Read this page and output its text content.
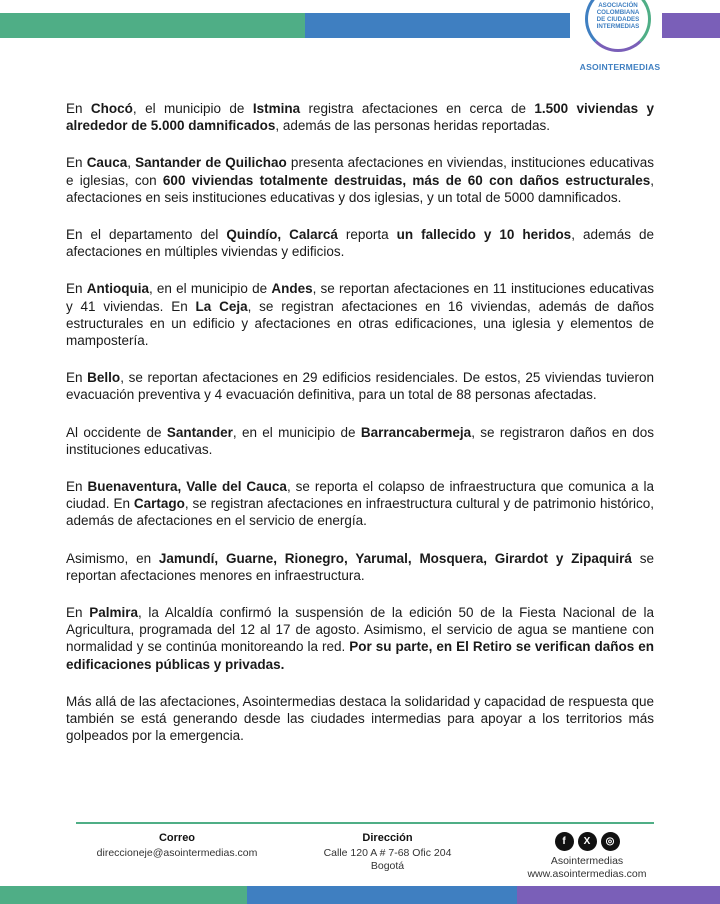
ASOCIACIÓN
COLOMBIANA
DE CIUDADES
INTERMEDIAS
ASOINTERMEDIAS

En Chocó, el municipio de Istmina registra afectaciones en cerca de 1.500 viviendas y alrededor de 5.000 damnificados, además de las personas heridas reportadas.

En Cauca, Santander de Quilichao presenta afectaciones en viviendas, instituciones educativas e iglesias, con 600 viviendas totalmente destruidas, más de 60 con daños estructurales, afectaciones en seis instituciones educativas y dos iglesias, y un total de 5000 damnificados.

En el departamento del Quindío, Calarcá reporta un fallecido y 10 heridos, además de afectaciones en múltiples viviendas y edificios.

En Antioquia, en el municipio de Andes, se reportan afectaciones en 11 instituciones educativas y 41 viviendas. En La Ceja, se registran afectaciones en 16 viviendas, además de daños estructurales en un edificio y afectaciones en otras edificaciones, una iglesia y elementos de mampostería.

En Bello, se reportan afectaciones en 29 edificios residenciales. De estos, 25 viviendas tuvieron evacuación preventiva y 4 evacuación definitiva, para un total de 88 personas afectadas.

Al occidente de Santander, en el municipio de Barrancabermeja, se registraron daños en dos instituciones educativas.

En Buenaventura, Valle del Cauca, se reporta el colapso de infraestructura que comunica a la ciudad. En Cartago, se registran afectaciones en infraestructura cultural y de patrimonio histórico, además de afectaciones en el servicio de energía.

Asimismo, en Jamundí, Guarne, Rionegro, Yarumal, Mosquera, Girardot y Zipaquirá se reportan afectaciones menores en infraestructura.

En Palmira, la Alcaldía confirmó la suspensión de la edición 50 de la Fiesta Nacional de la Agricultura, programada del 12 al 17 de agosto. Asimismo, el servicio de agua se mantiene con normalidad y se continúa monitoreando la red. Por su parte, en El Retiro se verifican daños en edificaciones públicas y privadas.

Más allá de las afectaciones, Asointermedias destaca la solidaridad y capacidad de respuesta que también se está generando desde las ciudades intermedias para apoyar a los territorios más golpeados por la emergencia.

Correo
direccioneje@asointermedias.com
Dirección
Calle 120 A # 7-68 Ofic 204
Bogotá
f	X	◎
Asointermedias
www.asointermedias.com
